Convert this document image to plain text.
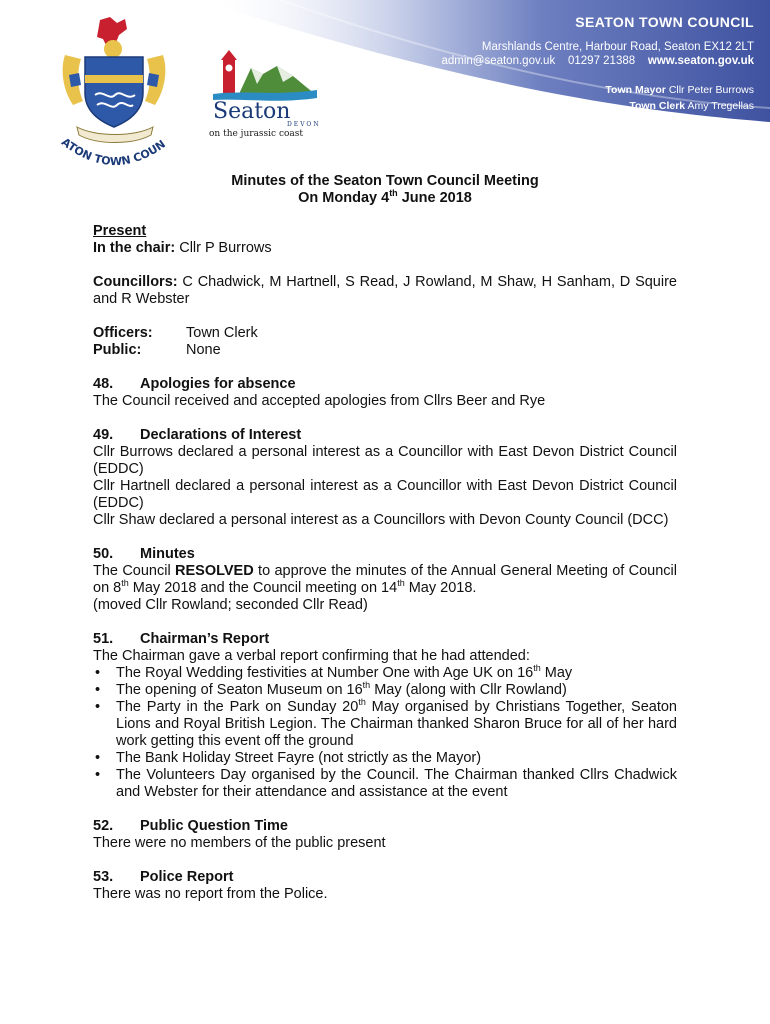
SEATON TOWN COUNCIL
Marshlands Centre, Harbour Road, Seaton EX12 2LT
admin@seaton.gov.uk 01297 21388 www.seaton.gov.uk
Town Mayor Cllr Peter Burrows
Town Clerk Amy Tregellas
ATON TOWN COUN
Seaton
DEVON
on the jurassic coast
Minutes of the Seaton Town Council Meeting
On Monday 4th June 2018

Present

In the chair: Cllr P Burrows

Councillors: C Chadwick, M Hartnell, S Read, J Rowland, M Shaw, H Sanham, D Squire and R Webster

Officers:	Town Clerk
Public:	None

48. Apologies for absence

The Council received and accepted apologies from Cllrs Beer and Rye

49. Declarations of Interest

Cllr Burrows declared a personal interest as a Councillor with East Devon District Council (EDDC)

Cllr Hartnell declared a personal interest as a Councillor with East Devon District Council (EDDC)

Cllr Shaw declared a personal interest as a Councillors with Devon County Council (DCC)

50. Minutes

The Council RESOLVED to approve the minutes of the Annual General Meeting of Council on 8th May 2018 and the Council meeting on 14th May 2018.

(moved Cllr Rowland; seconded Cllr Read)

51. Chairman’s Report

The Chairman gave a verbal report confirming that he had attended:

• The Royal Wedding festivities at Number One with Age UK on 16th May
• The opening of Seaton Museum on 16th May (along with Cllr Rowland)
• The Party in the Park on Sunday 20th May organised by Christians Together, Seaton Lions and Royal British Legion. The Chairman thanked Sharon Bruce for all of her hard work getting this event off the ground
• The Bank Holiday Street Fayre (not strictly as the Mayor)
• The Volunteers Day organised by the Council. The Chairman thanked Cllrs Chadwick and Webster for their attendance and assistance at the event

52. Public Question Time

There were no members of the public present

53. Police Report

There was no report from the Police.
